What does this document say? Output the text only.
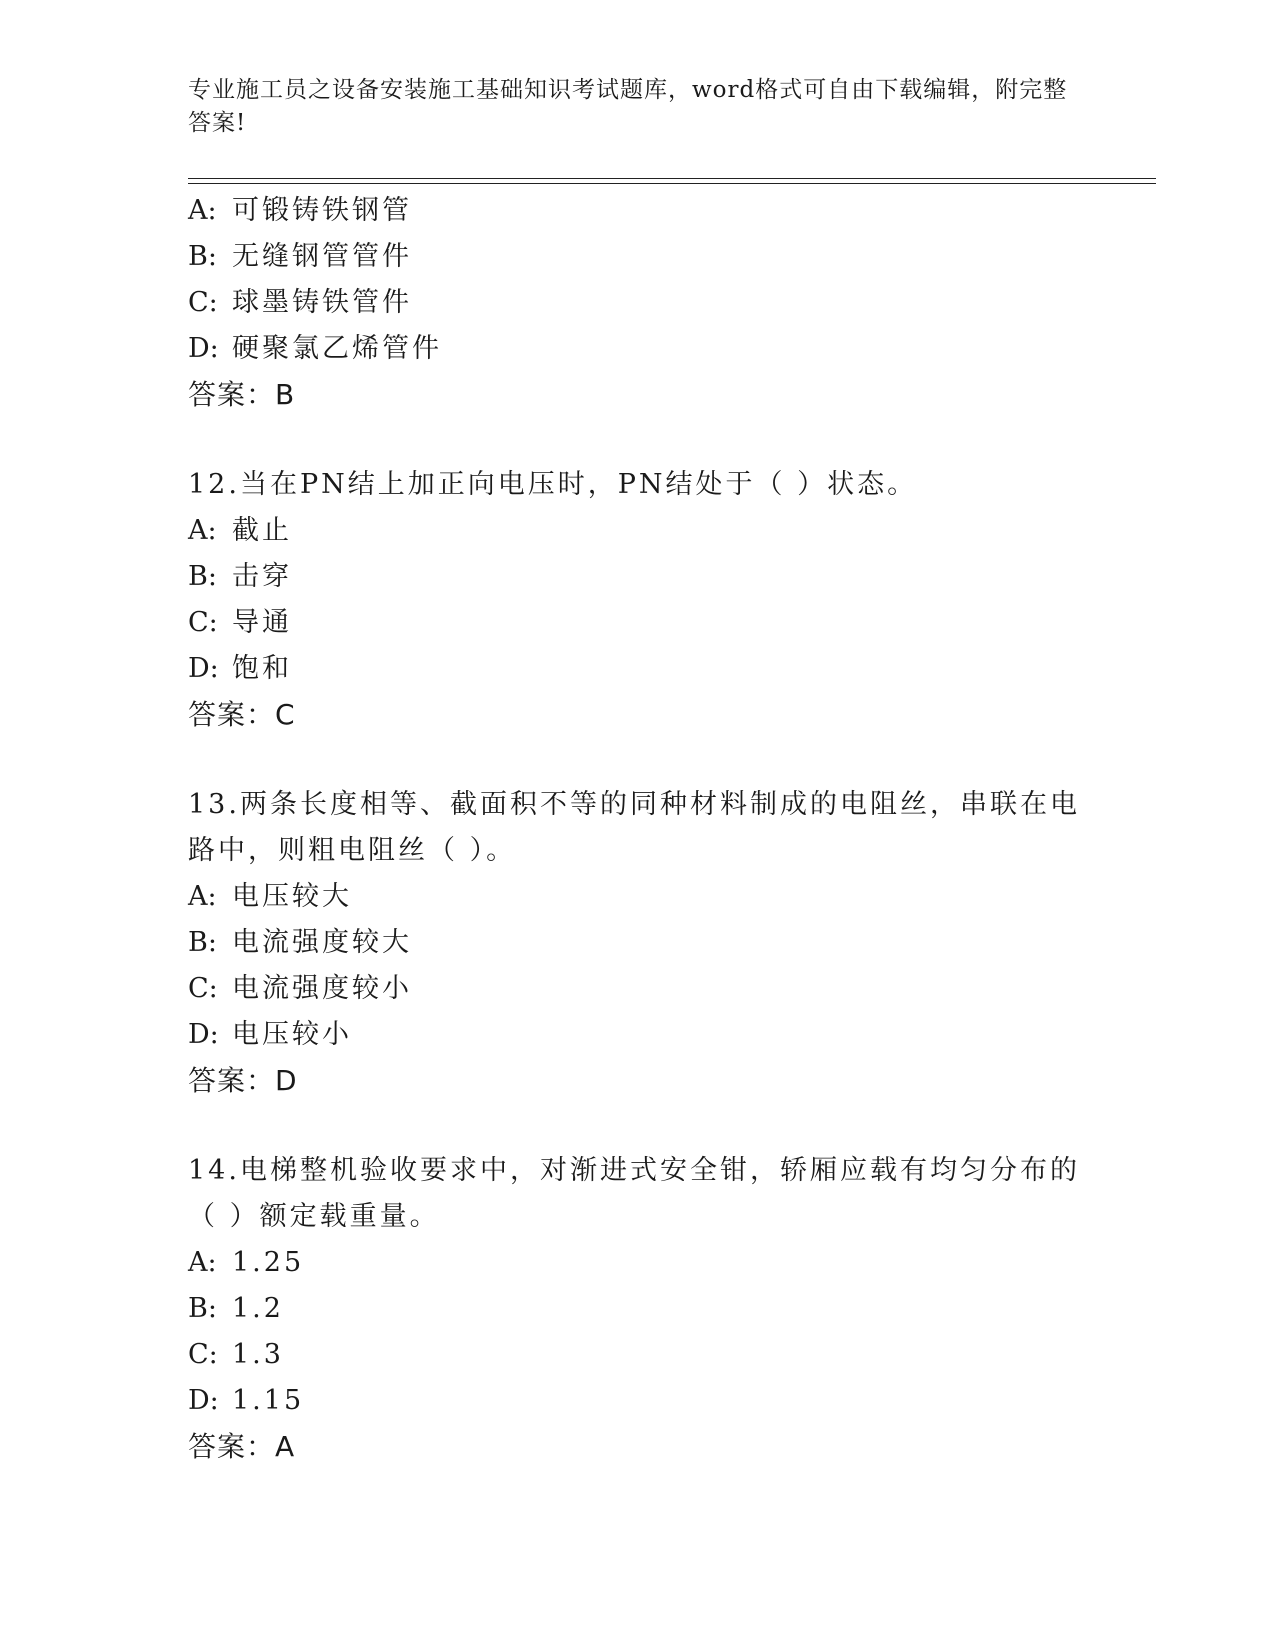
专业施工员之设备安装施工基础知识考试题库，word格式可自由下载编辑，附完整答案!
A: 可锻铸铁钢管
B: 无缝钢管管件
C: 球墨铸铁管件
D: 硬聚氯乙烯管件
答案：B
12.当在PN结上加正向电压时，PN结处于（ ）状态。
A: 截止
B: 击穿
C: 导通
D: 饱和
答案：C
13.两条长度相等、截面积不等的同种材料制成的电阻丝，串联在电路中，则粗电阻丝（ ）。
A: 电压较大
B: 电流强度较大
C: 电流强度较小
D: 电压较小
答案：D
14.电梯整机验收要求中，对渐进式安全钳，轿厢应载有均匀分布的（ ）额定载重量。
A: 1.25
B: 1.2
C: 1.3
D: 1.15
答案：A
